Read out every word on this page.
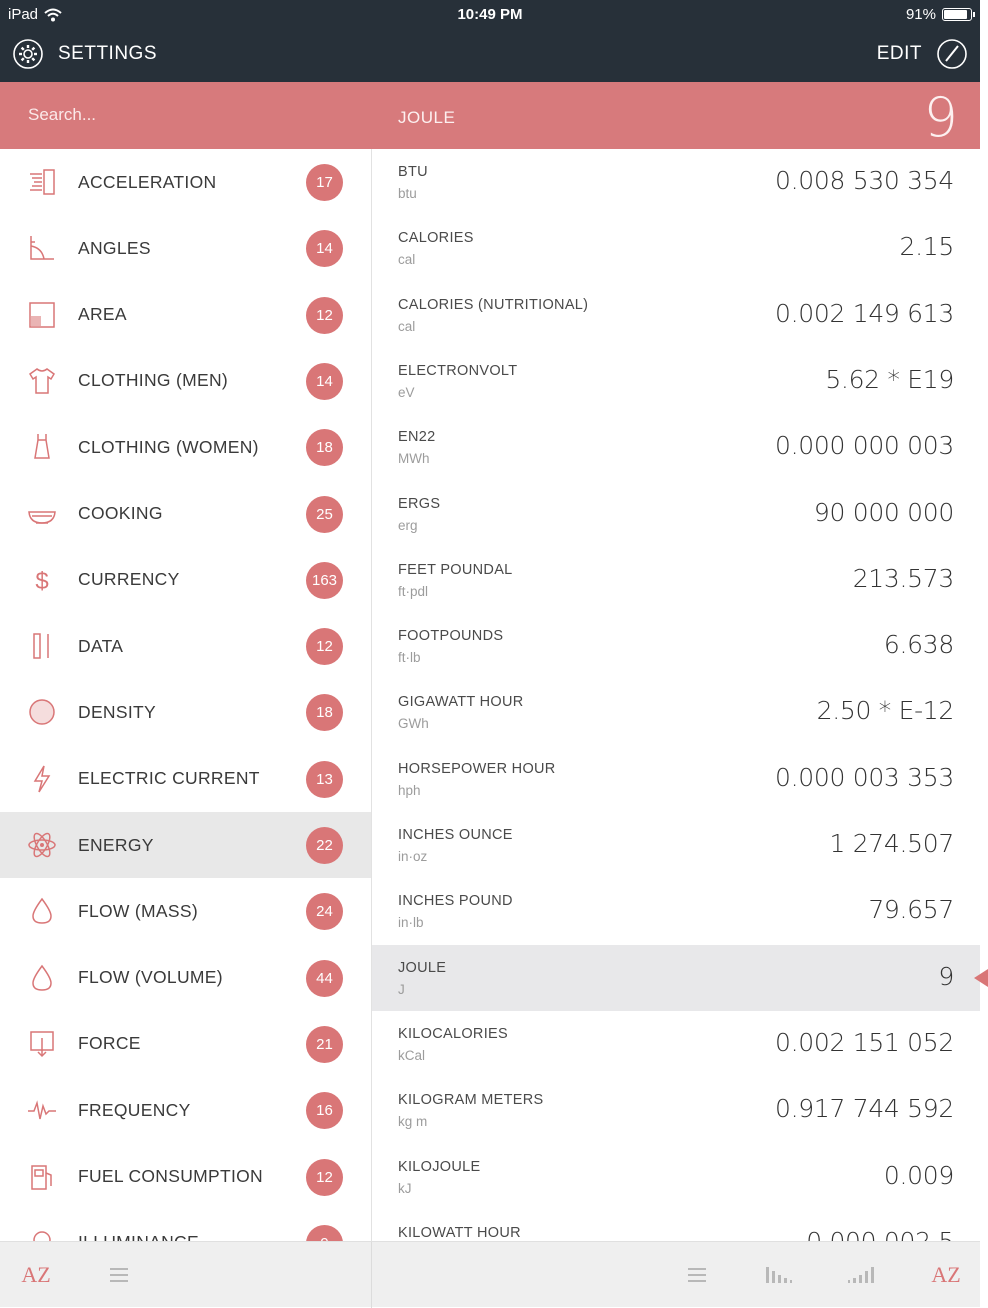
iPad	10:49 PM	91%
SETTINGS	EDIT
Search...
JOULE	9
ACCELERATION	17
ANGLES	14
AREA	12
CLOTHING (MEN)	14
CLOTHING (WOMEN)	18
COOKING	25
$ CURRENCY	163
DATA	12
DENSITY	18
ELECTRIC CURRENT	13
ENERGY	22
FLOW (MASS)	24
FLOW (VOLUME)	44
FORCE	21
FREQUENCY	16
FUEL CONSUMPTION	12
BTU
btu	0.008 530 354
CALORIES
cal	2.15
CALORIES (NUTRITIONAL)
cal	0.002 149 613
ELECTRONVOLT
eV	5.62 * E19
EN22
MWh	0.000 000 003
ERGS
erg	90 000 000
FEET POUNDAL
ft·pdl	213.573
FOOTPOUNDS
ft·lb	6.638
GIGAWATT HOUR
GWh	2.50 * E-12
HORSEPOWER HOUR
hph	0.000 003 353
INCHES OUNCE
in·oz	1 274.507
INCHES POUND
in·lb	79.657
JOULE
J	9
KILOCALORIES
kCal	0.002 151 052
KILOGRAM METERS
kg m	0.917 744 592
KILOJOULE
kJ	0.009
KILOWATT HOUR
AZ	AZ
